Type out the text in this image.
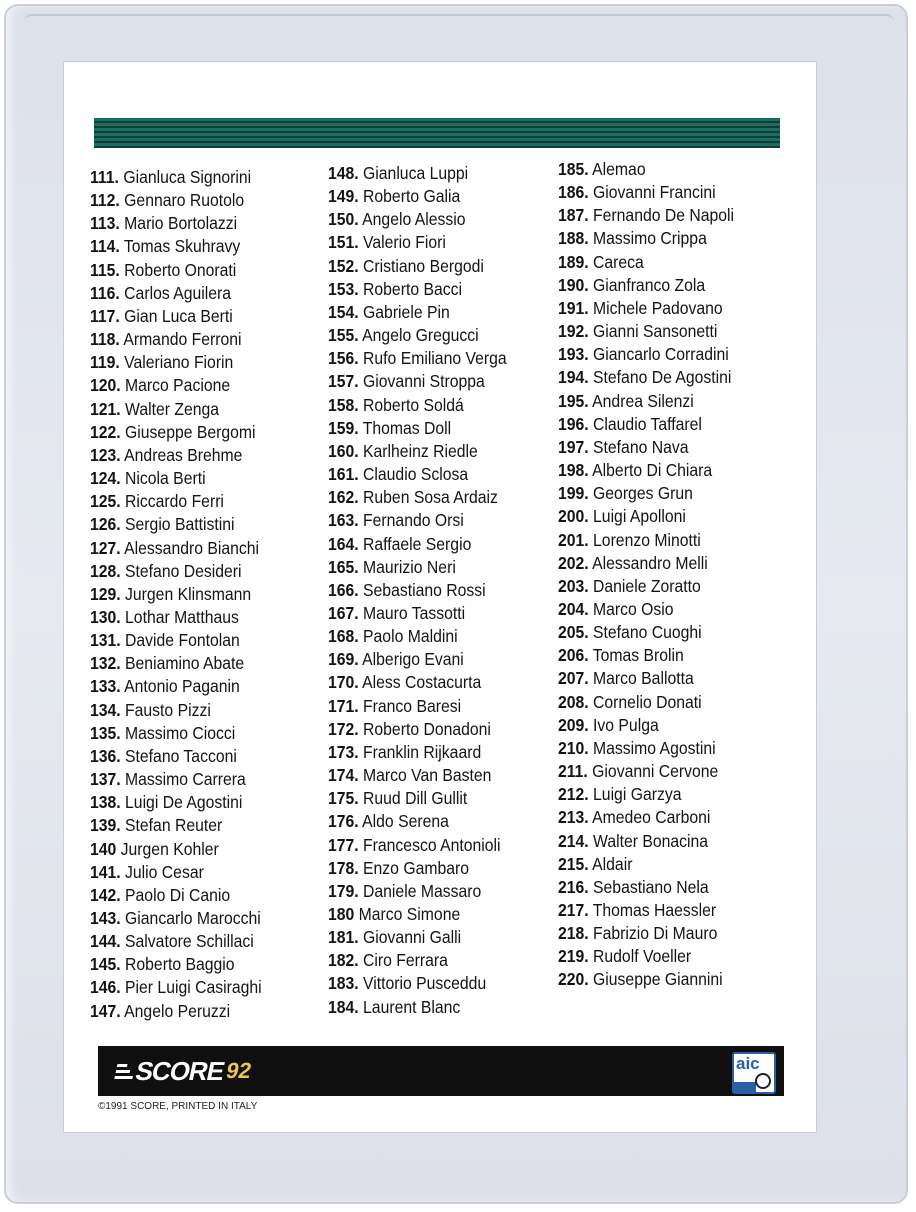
111. Gianluca Signorini
112. Gennaro Ruotolo
113. Mario Bortolazzi
114. Tomas Skuhravy
115. Roberto Onorati
116. Carlos Aguilera
117. Gian Luca Berti
118. Armando Ferroni
119. Valeriano Fiorin
120. Marco Pacione
121. Walter Zenga
122. Giuseppe Bergomi
123. Andreas Brehme
124. Nicola Berti
125. Riccardo Ferri
126. Sergio Battistini
127. Alessandro Bianchi
128. Stefano Desideri
129. Jurgen Klinsmann
130. Lothar Matthaus
131. Davide Fontolan
132. Beniamino Abate
133. Antonio Paganin
134. Fausto Pizzi
135. Massimo Ciocci
136. Stefano Tacconi
137. Massimo Carrera
138. Luigi De Agostini
139. Stefan Reuter
140 Jurgen Kohler
141. Julio Cesar
142. Paolo Di Canio
143. Giancarlo Marocchi
144. Salvatore Schillaci
145. Roberto Baggio
146. Pier Luigi Casiraghi
147. Angelo Peruzzi
148. Gianluca Luppi
149. Roberto Galia
150. Angelo Alessio
151. Valerio Fiori
152. Cristiano Bergodi
153. Roberto Bacci
154. Gabriele Pin
155. Angelo Gregucci
156. Rufo Emiliano Verga
157. Giovanni Stroppa
158. Roberto Soldá
159. Thomas Doll
160. Karlheinz Riedle
161. Claudio Sclosa
162. Ruben Sosa Ardaiz
163. Fernando Orsi
164. Raffaele Sergio
165. Maurizio Neri
166. Sebastiano Rossi
167. Mauro Tassotti
168. Paolo Maldini
169. Alberigo Evani
170. Aless Costacurta
171. Franco Baresi
172. Roberto Donadoni
173. Franklin Rijkaard
174. Marco Van Basten
175. Ruud Dill Gullit
176. Aldo Serena
177. Francesco Antonioli
178. Enzo Gambaro
179. Daniele Massaro
180 Marco Simone
181. Giovanni Galli
182. Ciro Ferrara
183. Vittorio Pusceddu
184. Laurent Blanc
185. Alemao
186. Giovanni Francini
187. Fernando De Napoli
188. Massimo Crippa
189. Careca
190. Gianfranco Zola
191. Michele Padovano
192. Gianni Sansonetti
193. Giancarlo Corradini
194. Stefano De Agostini
195. Andrea Silenzi
196. Claudio Taffarel
197. Stefano Nava
198. Alberto Di Chiara
199. Georges Grun
200. Luigi Apolloni
201. Lorenzo Minotti
202. Alessandro Melli
203. Daniele Zoratto
204. Marco Osio
205. Stefano Cuoghi
206. Tomas Brolin
207. Marco Ballotta
208. Cornelio Donati
209. Ivo Pulga
210. Massimo Agostini
211. Giovanni Cervone
212. Luigi Garzya
213. Amedeo Carboni
214. Walter Bonacina
215. Aldair
216. Sebastiano Nela
217. Thomas Haessler
218. Fabrizio Di Mauro
219. Rudolf Voeller
220. Giuseppe Giannini
SCORE
92	aic
©1991 SCORE, PRINTED IN ITALY
